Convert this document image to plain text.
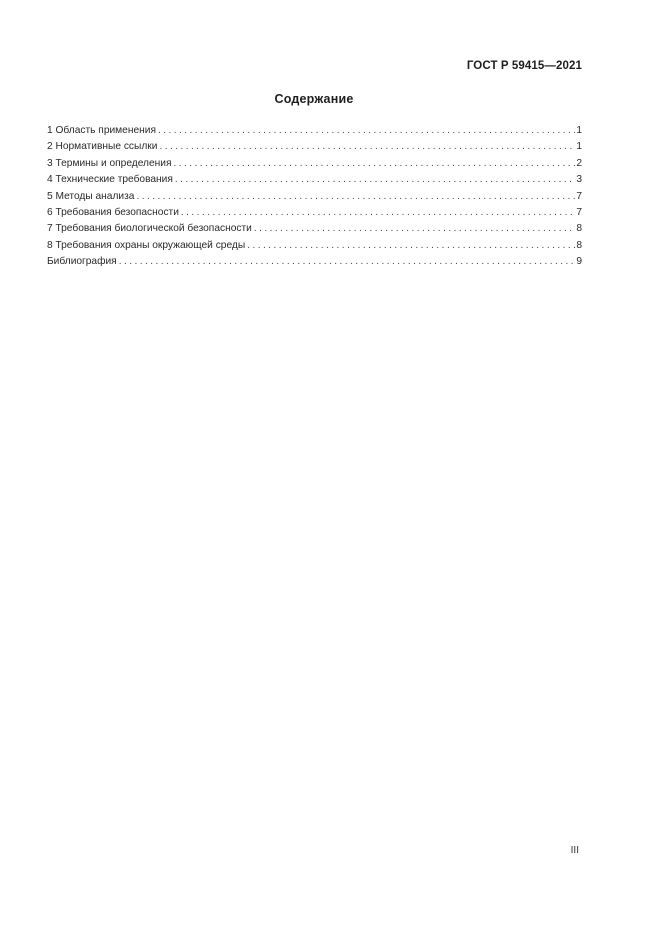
ГОСТ Р 59415—2021
Содержание
1 Область применения . . .	1
2 Нормативные ссылки . . .	1
3 Термины и определения . . .	2
4 Технические требования . . .	3
5 Методы анализа . . .	7
6 Требования безопасности . . .	7
7 Требования биологической безопасности . . .	8
8 Требования охраны окружающей среды . . .	8
Библиография . . .	9
III
